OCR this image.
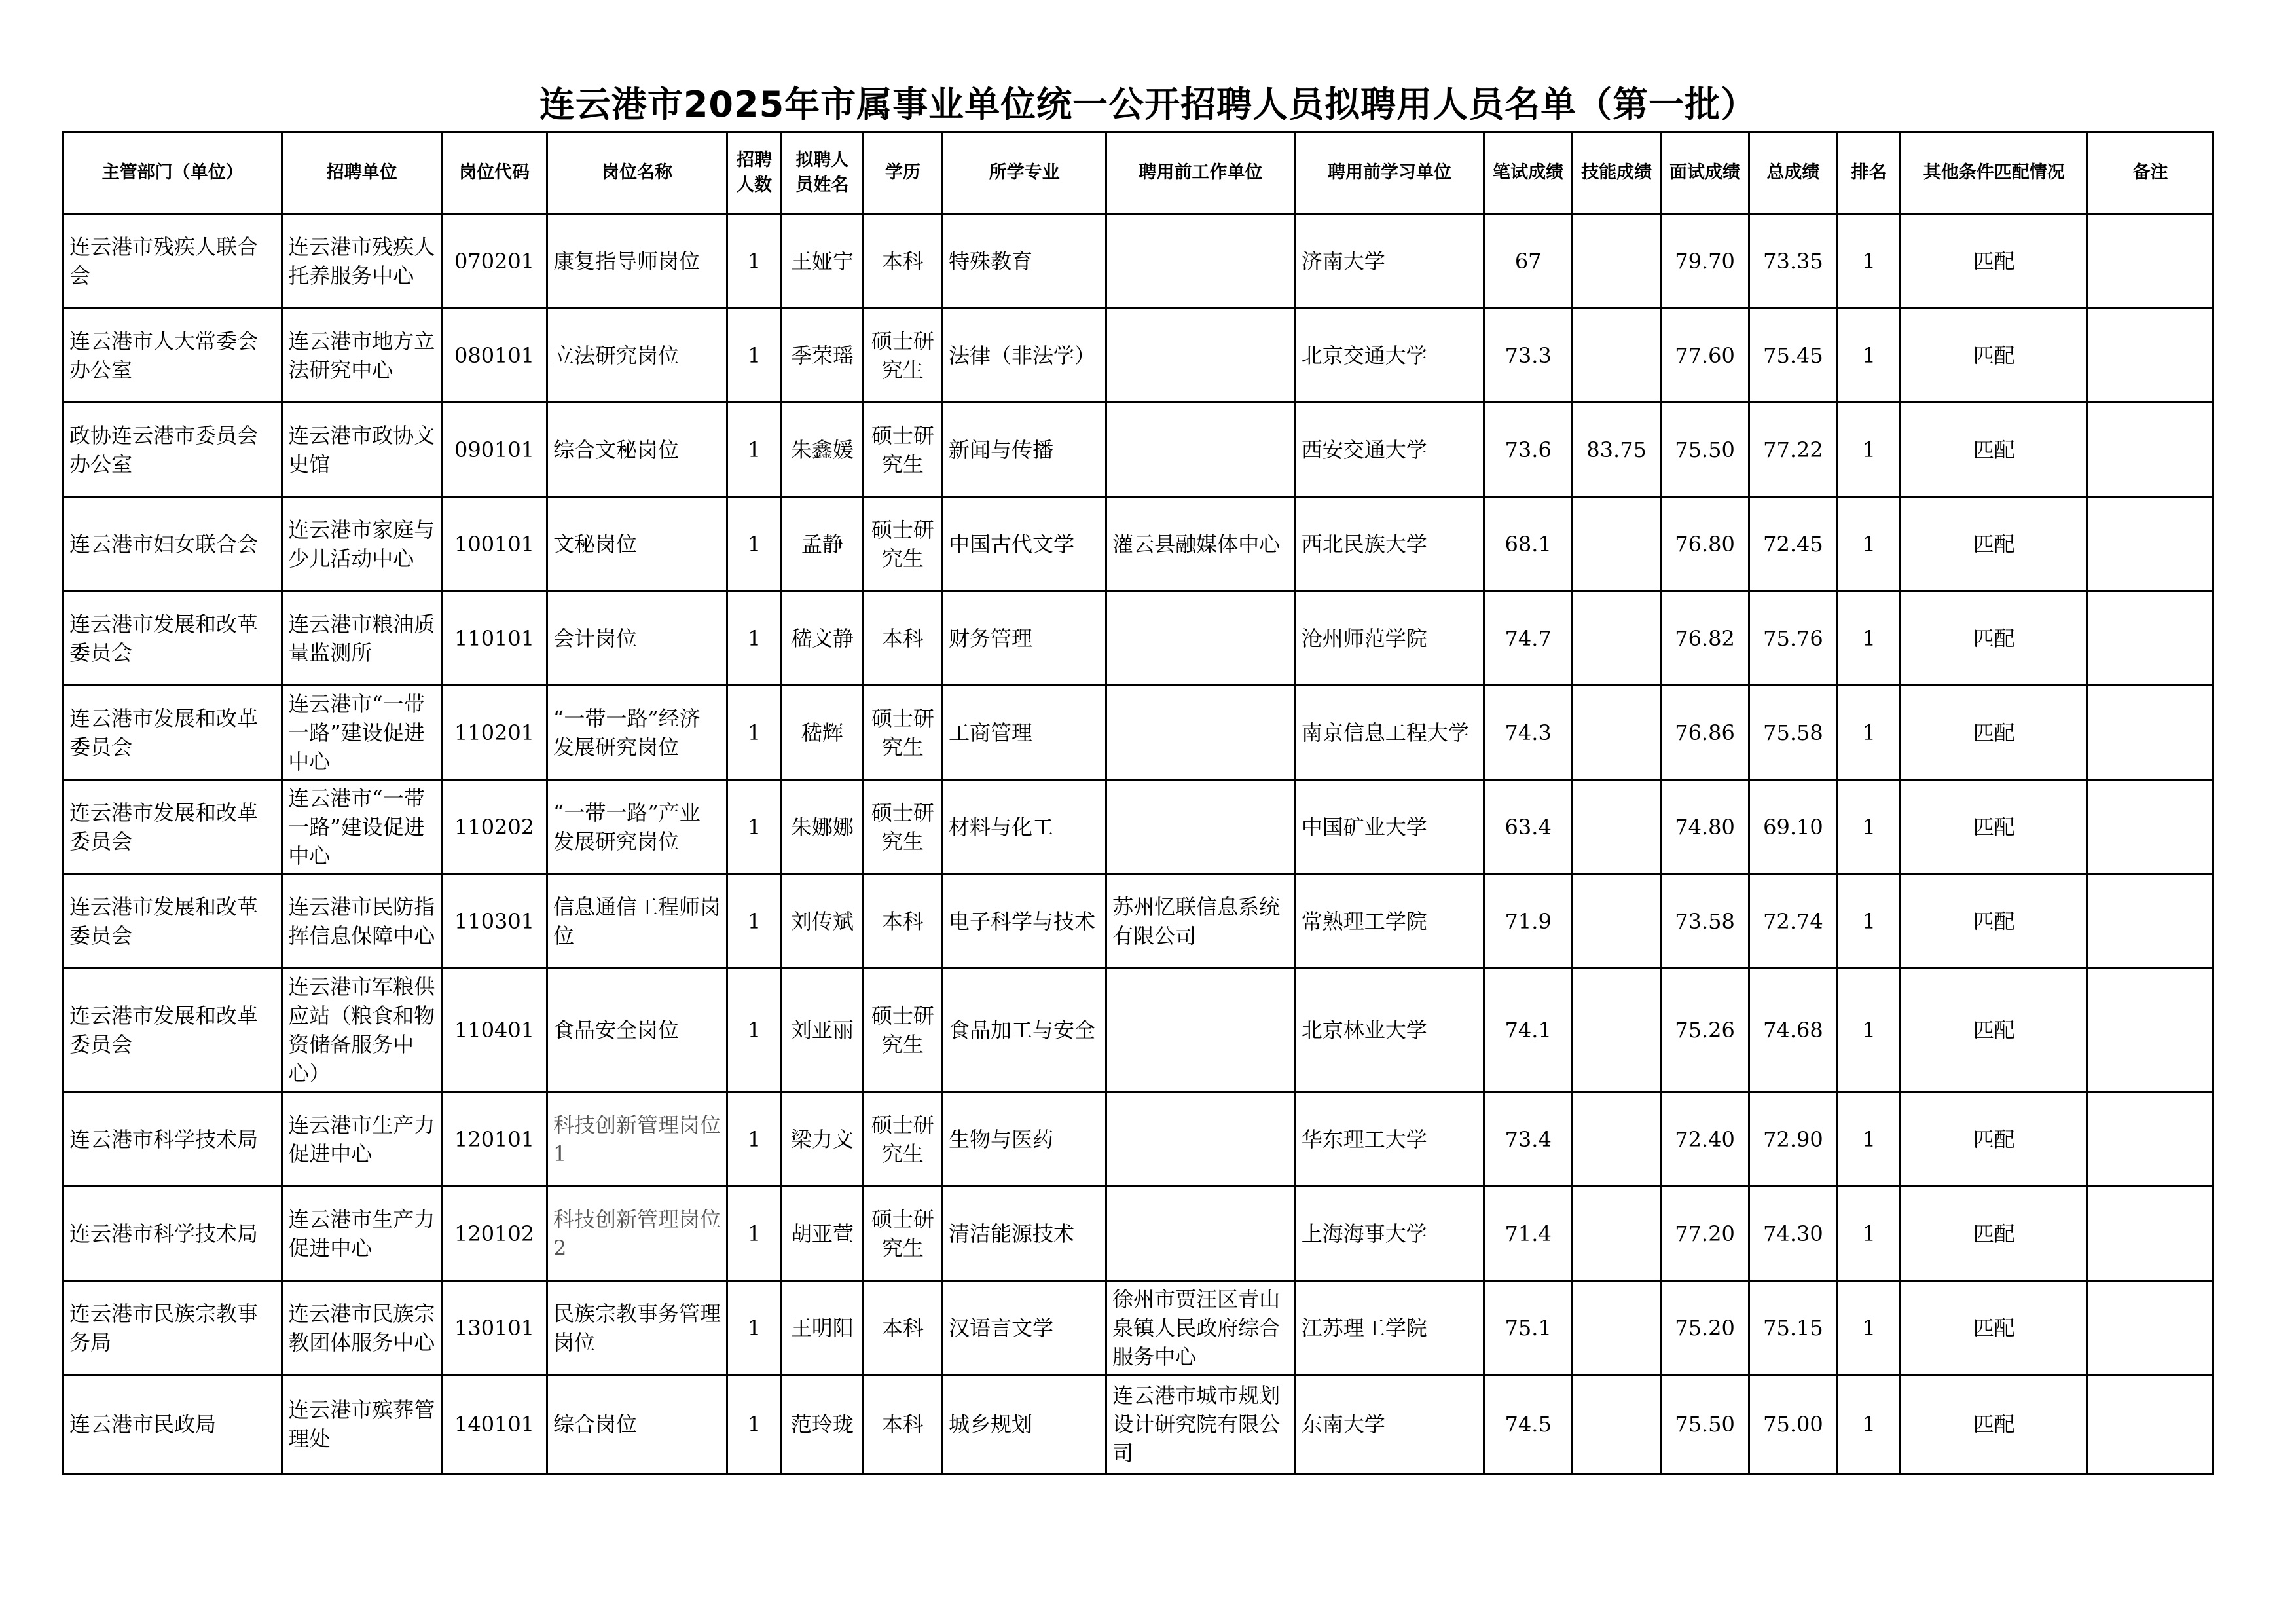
连云港市2025年市属事业单位统一公开招聘人员拟聘用人员名单（第一批）
主管部门（单位）	招聘单位	岗位代码	岗位名称	招聘人数	拟聘人员姓名	学历	所学专业	聘用前工作单位	聘用前学习单位	笔试成绩	技能成绩	面试成绩	总成绩	排名	其他条件匹配情况	备注
连云港市残疾人联合会	连云港市残疾人托养服务中心	070201	康复指导师岗位	1	王娅宁	本科	特殊教育		济南大学	67		79.70	73.35	1	匹配	
连云港市人大常委会办公室	连云港市地方立法研究中心	080101	立法研究岗位	1	季荣瑶	硕士研究生	法律（非法学）		北京交通大学	73.3		77.60	75.45	1	匹配	
政协连云港市委员会办公室	连云港市政协文史馆	090101	综合文秘岗位	1	朱鑫媛	硕士研究生	新闻与传播		西安交通大学	73.6	83.75	75.50	77.22	1	匹配	
连云港市妇女联合会	连云港市家庭与少儿活动中心	100101	文秘岗位	1	孟静	硕士研究生	中国古代文学	灌云县融媒体中心	西北民族大学	68.1		76.80	72.45	1	匹配	
连云港市发展和改革委员会	连云港市粮油质量监测所	110101	会计岗位	1	嵇文静	本科	财务管理		沧州师范学院	74.7		76.82	75.76	1	匹配	
连云港市发展和改革委员会	连云港市“一带一路”建设促进中心	110201	“一带一路”经济发展研究岗位	1	嵇辉	硕士研究生	工商管理		南京信息工程大学	74.3		76.86	75.58	1	匹配	
连云港市发展和改革委员会	连云港市“一带一路”建设促进中心	110202	“一带一路”产业发展研究岗位	1	朱娜娜	硕士研究生	材料与化工		中国矿业大学	63.4		74.80	69.10	1	匹配	
连云港市发展和改革委员会	连云港市民防指挥信息保障中心	110301	信息通信工程师岗位	1	刘传斌	本科	电子科学与技术	苏州忆联信息系统有限公司	常熟理工学院	71.9		73.58	72.74	1	匹配	
连云港市发展和改革委员会	连云港市军粮供应站（粮食和物资储备服务中心）	110401	食品安全岗位	1	刘亚丽	硕士研究生	食品加工与安全		北京林业大学	74.1		75.26	74.68	1	匹配	
连云港市科学技术局	连云港市生产力促进中心	120101	科技创新管理岗位1	1	梁力文	硕士研究生	生物与医药		华东理工大学	73.4		72.40	72.90	1	匹配	
连云港市科学技术局	连云港市生产力促进中心	120102	科技创新管理岗位2	1	胡亚萱	硕士研究生	清洁能源技术		上海海事大学	71.4		77.20	74.30	1	匹配	
连云港市民族宗教事务局	连云港市民族宗教团体服务中心	130101	民族宗教事务管理岗位	1	王明阳	本科	汉语言文学	徐州市贾汪区青山泉镇人民政府综合服务中心	江苏理工学院	75.1		75.20	75.15	1	匹配	
连云港市民政局	连云港市殡葬管理处	140101	综合岗位	1	范玲珑	本科	城乡规划	连云港市城市规划设计研究院有限公司	东南大学	74.5		75.50	75.00	1	匹配	
